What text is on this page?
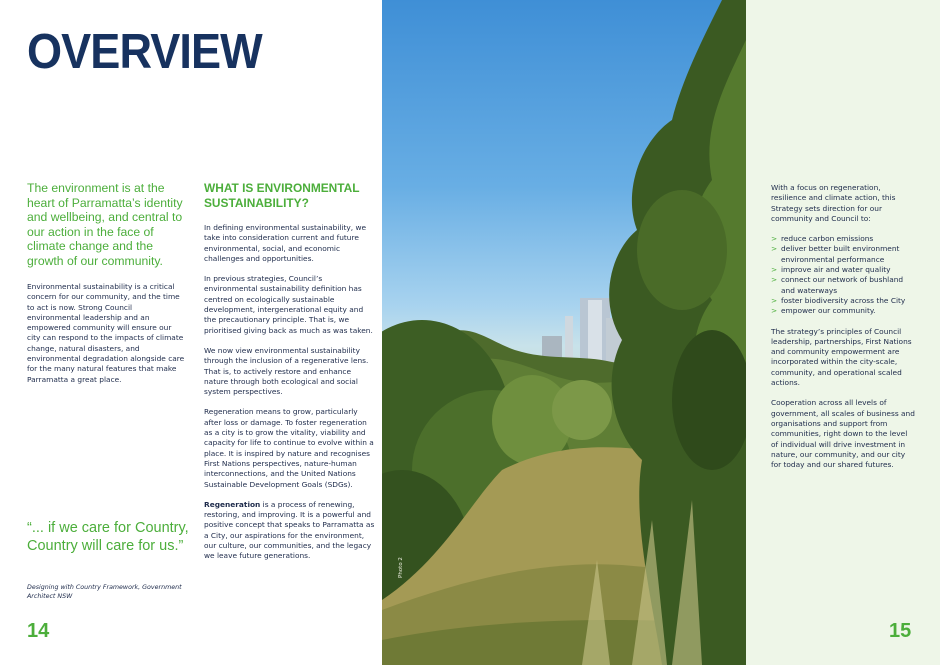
OVERVIEW
The environment is at the heart of Parramatta’s identity and wellbeing, and central to our action in the face of climate change and the growth of our community.
Environmental sustainability is a critical concern for our community, and the time to act is now. Strong Council environmental leadership and an empowered community will ensure our city can respond to the impacts of climate change, natural disasters, and environmental degradation alongside care for the many natural features that make Parramatta a great place.
“... if we care for Country, Country will care for us.”
Designing with Country Framework, Government Architect NSW
14
WHAT IS ENVIRONMENTAL SUSTAINABILITY?

In defining environmental sustainability, we take into consideration current and future environmental, social, and economic challenges and opportunities.

In previous strategies, Council’s environmental sustainability definition has centred on ecologically sustainable development, intergenerational equity and the precautionary principle. That is, we prioritised giving back as much as was taken.

We now view environmental sustainability through the inclusion of a regenerative lens. That is, to actively restore and enhance nature through both ecological and social system perspectives.

Regeneration means to grow, particularly after loss or damage. To foster regeneration as a city is to grow the vitality, viability and capacity for life to continue to evolve within a place. It is inspired by nature and recognises First Nations perspectives, nature-human interconnections, and the United Nations Sustainable Development Goals (SDGs).

Regeneration is a process of renewing, restoring, and improving. It is a powerful and positive concept that speaks to Parramatta as a City, our aspirations for the environment, our culture, our communities, and the legacy we leave future generations.

Photo 2

With a focus on regeneration, resilience and climate action, this Strategy sets direction for our community and Council to:

> reduce carbon emissions
> deliver better built environment environmental performance
> improve air and water quality
> connect our network of bushland and waterways
> foster biodiversity across the City
> empower our community.

The strategy’s principles of Council leadership, partnerships, First Nations and community empowerment are incorporated within the city-scale, community, and operational scaled actions.

Cooperation across all levels of government, all scales of business and organisations and support from communities, right down to the level of individual will drive investment in nature, our community, and our city for today and our shared futures.

15
